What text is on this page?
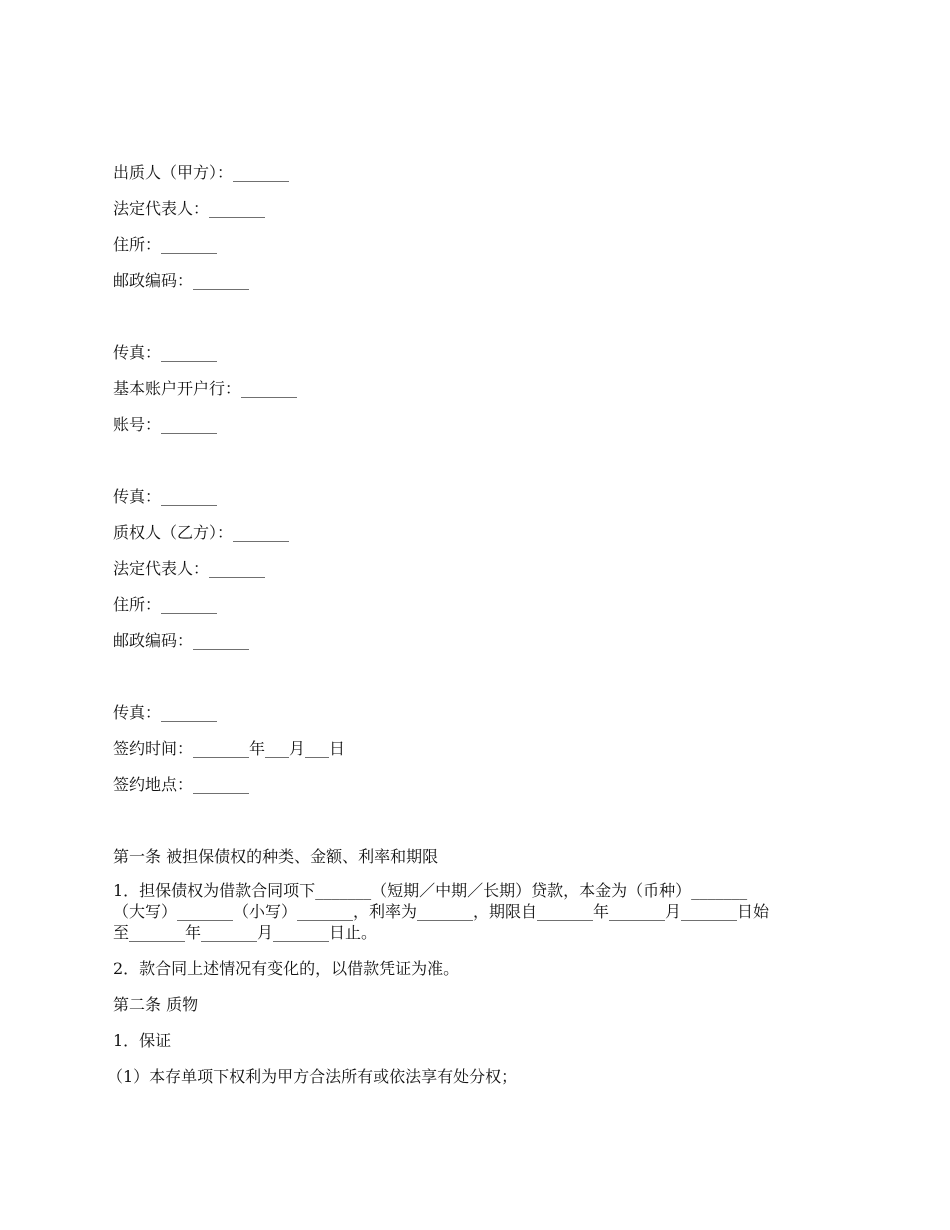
出质人（甲方）：_______
法定代表人：_______
住所：_______
邮政编码：_______
传真：_______
基本账户开户行：_______
账号：_______
传真：_______
质权人（乙方）：_______
法定代表人：_______
住所：_______
邮政编码：_______
传真：_______
签约时间：_______年___月___日
签约地点：_______
第一条 被担保债权的种类、金额、利率和期限
1．担保债权为借款合同项下_______（短期／中期／长期）贷款，本金为（币种）_______（大写）_______（小写）_______，利率为_______，期限自_______年_______月_______日始至_______年_______月_______日止。
2．款合同上述情况有变化的，以借款凭证为准。
第二条 质物
1．保证
（1）本存单项下权利为甲方合法所有或依法享有处分权；
